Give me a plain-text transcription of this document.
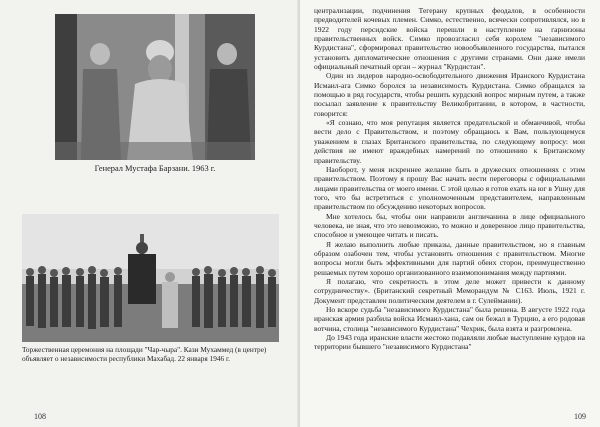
Генерал Мустафа Барзани. 1963 г.
Торжественная церемония на площади "Чар-чыра". Кази Мухаммед (в центре) объявляет о независимости республики Махабад. 22 января 1946 г.
108

централизации, подчинения Тегерану крупных феодалов, в особенности предводителей кочевых племен. Симко, естественно, всячески сопротивлялся, но в 1922 году персидские войска перешли в наступление на гарнизоны правительственных войск. Симко провозгласил себя королем "независимого Курдистана", сформировал правительство новообъявленного государства, пытался установить дипломатические отношения с другими странами. Они даже имели официальный печатный орган – журнал "Курдистан".

Один из лидеров народно-освободительного движения Иранского Курдистана Исмаил-ага Симко боролся за независимость Курдистана. Симко обращался за помощью в ряд государств, чтобы решить курдский вопрос мирным путем, а также посылал заявление к правительству Великобритании, в котором, в частности, говорится:

«Я сознаю, что моя репутация является предательской и обманчивой, чтобы вести дело с Правительством, и поэтому обращаюсь к Вам, пользующемуся уважением в глазах Британского правительства, по следующему вопросу: мои действия не имеют враждебных намерений по отношению к Британскому правительству.

Наоборот, у меня искреннее желание быть в дружеских отношениях с этим правительством. Поэтому я прошу Вас начать вести переговоры с официальными лицами правительства от моего имени. С этой целью я готов ехать на юг в Ушну для того, что бы встретиться с уполномоченным представителем, направленным правительством по обсуждению некоторых вопросов.

Мне хотелось бы, чтобы они направили англичанина в лице официального человека, не зная, что это невозможно, то можно и доверенное лицо правительства, способное и умеющее читать и писать.

Я желаю выполнить любые приказы, данные правительством, но я главным образом озабочен тем, чтобы установить отношения с правительством. Многие вопросы могли быть эффективными для партий обеих сторон, преимущественно решаемых путем хорошо организованного взаимопонимания между партиями.

Я полагаю, что секретность в этом деле может привести к данному сотрудничеству». (Британский секретный Меморандум № С163. Июль, 1921 г. Документ представлен политическим деятелем в г. Сулеймании).

Но вскоре судьба "независимого Курдистана" была решена. В августе 1922 года иранская армия разбила войска Исмаил-хана, сам он бежал в Турцию, а его родовая вотчина, столица "независимого Курдистана" Чехрик, была взята и разгромлена.

До 1943 года иранские власти жестоко подавляли любые выступление курдов на территории бывшего "независимого Курдистана"

109
